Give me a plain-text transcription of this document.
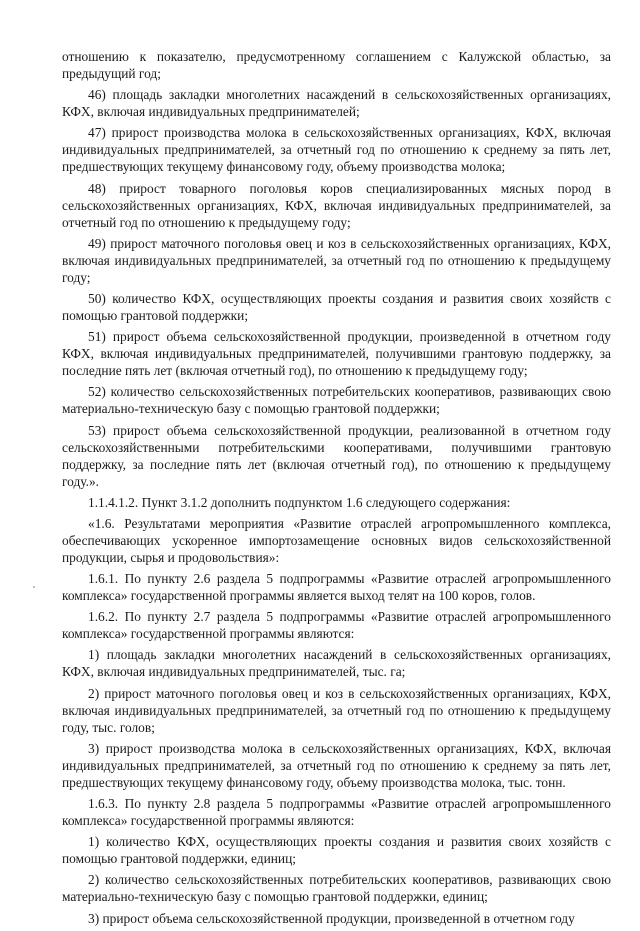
отношению к показателю, предусмотренному соглашением с Калужской областью, за предыдущий год;

46) площадь закладки многолетних насаждений в сельскохозяйственных организациях, КФХ, включая индивидуальных предпринимателей;

47) прирост производства молока в сельскохозяйственных организациях, КФХ, включая индивидуальных предпринимателей, за отчетный год по отношению к среднему за пять лет, предшествующих текущему финансовому году, объему производства молока;

48) прирост товарного поголовья коров специализированных мясных пород в сельскохозяйственных организациях, КФХ, включая индивидуальных предпринимателей, за отчетный год по отношению к предыдущему году;

49) прирост маточного поголовья овец и коз в сельскохозяйственных организациях, КФХ, включая индивидуальных предпринимателей, за отчетный год по отношению к предыдущему году;

50) количество КФХ, осуществляющих проекты создания и развития своих хозяйств с помощью грантовой поддержки;

51) прирост объема сельскохозяйственной продукции, произведенной в отчетном году КФХ, включая индивидуальных предпринимателей, получившими грантовую поддержку, за последние пять лет (включая отчетный год), по отношению к предыдущему году;

52) количество сельскохозяйственных потребительских кооперативов, развивающих свою материально-техническую базу с помощью грантовой поддержки;

53) прирост объема сельскохозяйственной продукции, реализованной в отчетном году сельскохозяйственными потребительскими кооперативами, получившими грантовую поддержку, за последние пять лет (включая отчетный год), по отношению к предыдущему году.».

1.1.4.1.2. Пункт 3.1.2 дополнить подпунктом 1.6 следующего содержания:

«1.6. Результатами мероприятия «Развитие отраслей агропромышленного комплекса, обеспечивающих ускоренное импортозамещение основных видов сельскохозяйственной продукции, сырья и продовольствия»:

1.6.1. По пункту 2.6 раздела 5 подпрограммы «Развитие отраслей агропромышленного комплекса» государственной программы является выход телят на 100 коров, голов.

1.6.2. По пункту 2.7 раздела 5 подпрограммы «Развитие отраслей агропромышленного комплекса» государственной программы являются:

1) площадь закладки многолетних насаждений в сельскохозяйственных организациях, КФХ, включая индивидуальных предпринимателей, тыс. га;

2) прирост маточного поголовья овец и коз в сельскохозяйственных организациях, КФХ, включая индивидуальных предпринимателей, за отчетный год по отношению к предыдущему году, тыс. голов;

3) прирост производства молока в сельскохозяйственных организациях, КФХ, включая индивидуальных предпринимателей, за отчетный год по отношению к среднему за пять лет, предшествующих текущему финансовому году, объему производства молока, тыс. тонн.

1.6.3. По пункту 2.8 раздела 5 подпрограммы «Развитие отраслей агропромышленного комплекса» государственной программы являются:

1) количество КФХ, осуществляющих проекты создания и развития своих хозяйств с помощью грантовой поддержки, единиц;

2) количество сельскохозяйственных потребительских кооперативов, развивающих свою материально-техническую базу с помощью грантовой поддержки, единиц;

3) прирост объема сельскохозяйственной продукции, произведенной в отчетном году
